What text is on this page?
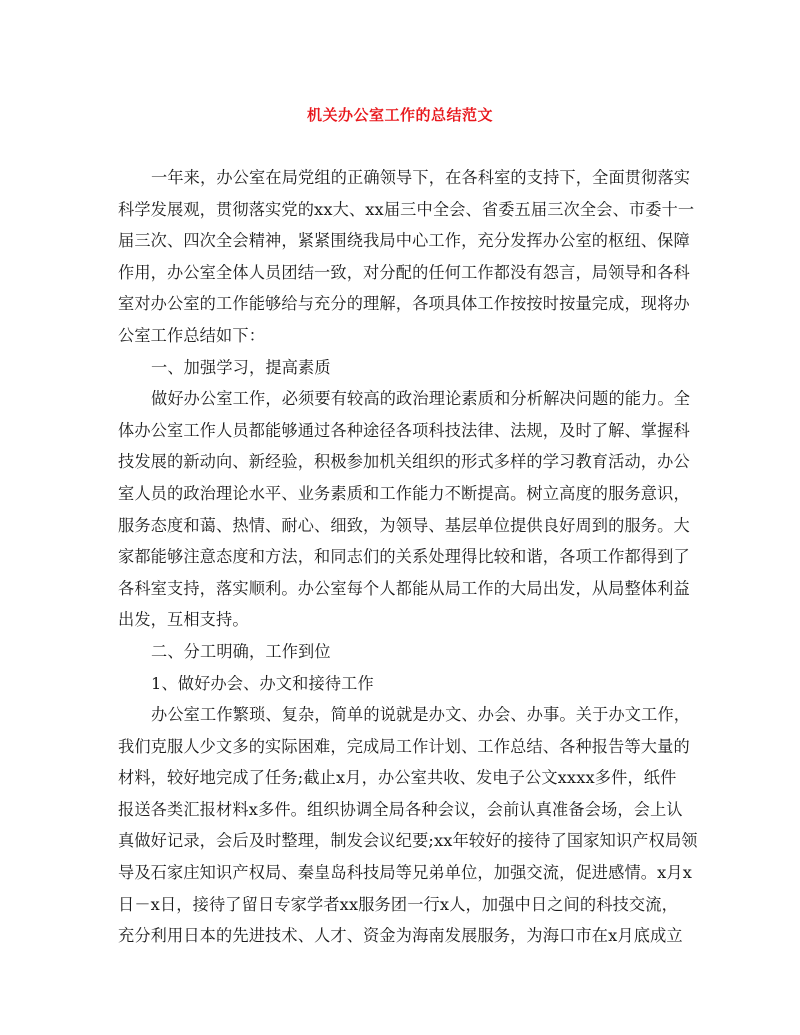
机关办公室工作的总结范文
一年来，办公室在局党组的正确领导下，在各科室的支持下，全面贯彻落实
科学发展观，贯彻落实党的xx大、xx届三中全会、省委五届三次全会、市委十一
届三次、四次全会精神，紧紧围绕我局中心工作，充分发挥办公室的枢纽、保障
作用，办公室全体人员团结一致，对分配的任何工作都没有怨言，局领导和各科
室对办公室的工作能够给与充分的理解，各项具体工作按按时按量完成，现将办
公室工作总结如下：
一、加强学习，提高素质
做好办公室工作，必须要有较高的政治理论素质和分析解决问题的能力。全
体办公室工作人员都能够通过各种途径各项科技法律、法规，及时了解、掌握科
技发展的新动向、新经验，积极参加机关组织的形式多样的学习教育活动，办公
室人员的政治理论水平、业务素质和工作能力不断提高。树立高度的服务意识，
服务态度和蔼、热情、耐心、细致，为领导、基层单位提供良好周到的服务。大
家都能够注意态度和方法，和同志们的关系处理得比较和谐，各项工作都得到了
各科室支持，落实顺利。办公室每个人都能从局工作的大局出发，从局整体利益
出发，互相支持。
二、分工明确，工作到位
1、做好办会、办文和接待工作
办公室工作繁琐、复杂，简单的说就是办文、办会、办事。关于办文工作，
我们克服人少文多的实际困难，完成局工作计划、工作总结、各种报告等大量的
材料，较好地完成了任务;截止x月，办公室共收、发电子公文xxxx多件，纸件
报送各类汇报材料x多件。组织协调全局各种会议，会前认真准备会场，会上认
真做好记录，会后及时整理，制发会议纪要;xx年较好的接待了国家知识产权局领
导及石家庄知识产权局、秦皇岛科技局等兄弟单位，加强交流，促进感情。x月x
日－x日，接待了留日专家学者xx服务团一行x人，加强中日之间的科技交流，
充分利用日本的先进技术、人才、资金为海南发展服务，为海口市在x月底成立
